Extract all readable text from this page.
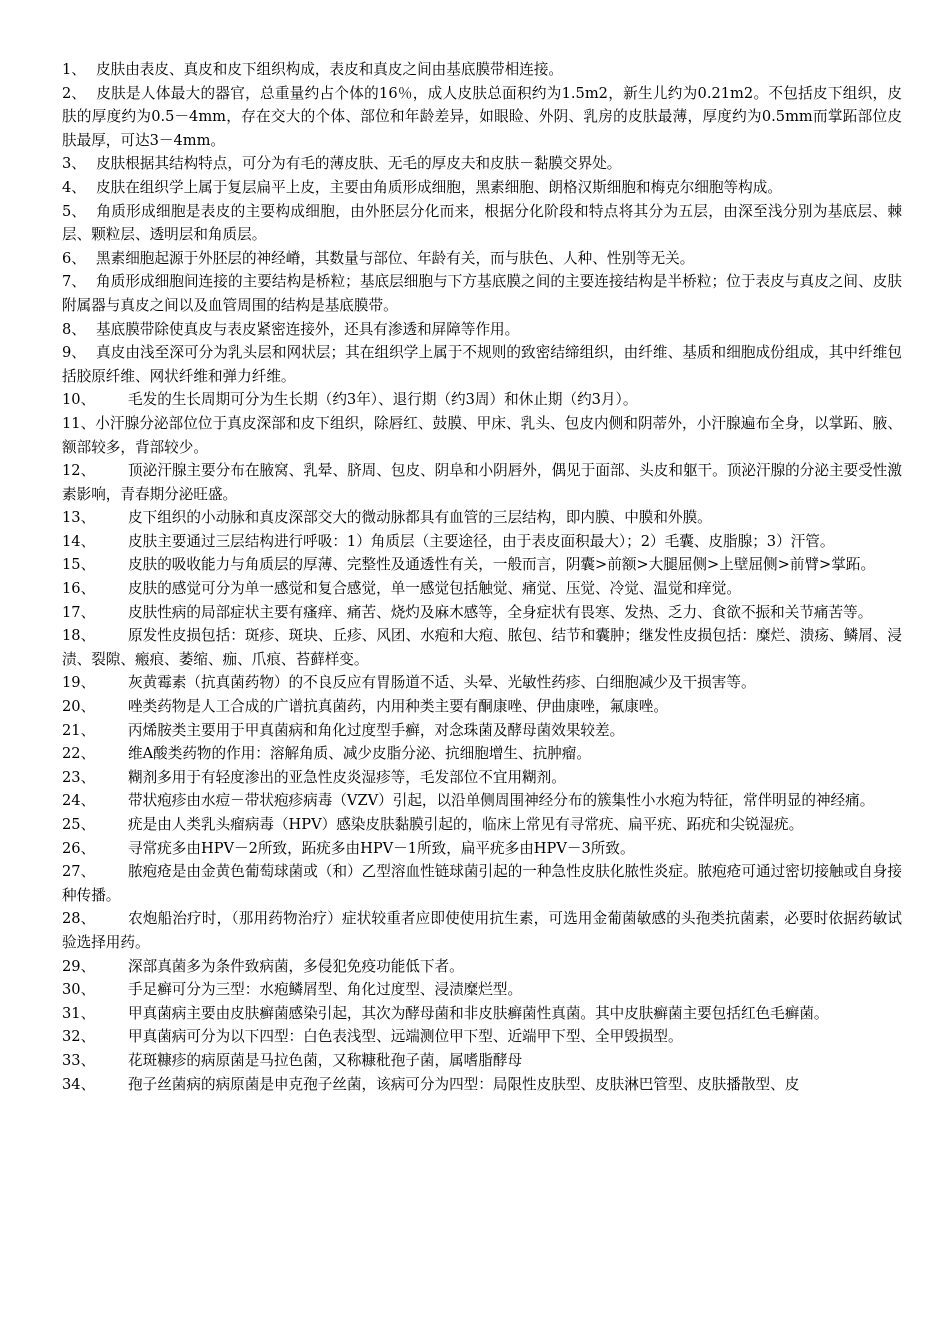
1、 皮肤由表皮、真皮和皮下组织构成，表皮和真皮之间由基底膜带相连接。

2、 皮肤是人体最大的器官，总重量约占个体的16％，成人皮肤总面积约为1.5m2，新生儿约为0.21m2。不包括皮下组织，皮肤的厚度约为0.5－4mm，存在交大的个体、部位和年龄差异，如眼睑、外阴、乳房的皮肤最薄，厚度约为0.5mm而掌跖部位皮肤最厚，可达3－4mm。

3、 皮肤根据其结构特点，可分为有毛的薄皮肤、无毛的厚皮夫和皮肤－黏膜交界处。

4、 皮肤在组织学上属于复层扁平上皮，主要由角质形成细胞，黑素细胞、朗格汉斯细胞和梅克尔细胞等构成。

5、 角质形成细胞是表皮的主要构成细胞，由外胚层分化而来，根据分化阶段和特点将其分为五层，由深至浅分别为基底层、棘层、颗粒层、透明层和角质层。

6、 黑素细胞起源于外胚层的神经嵴，其数量与部位、年龄有关，而与肤色、人种、性别等无关。

7、 角质形成细胞间连接的主要结构是桥粒；基底层细胞与下方基底膜之间的主要连接结构是半桥粒；位于表皮与真皮之间、皮肤附属器与真皮之间以及血管周围的结构是基底膜带。

8、 基底膜带除使真皮与表皮紧密连接外，还具有渗透和屏障等作用。

9、 真皮由浅至深可分为乳头层和网状层；其在组织学上属于不规则的致密结缔组织，由纤维、基质和细胞成份组成，其中纤维包括胶原纤维、网状纤维和弹力纤维。

10、 毛发的生长周期可分为生长期（约3年）、退行期（约3周）和休止期（约3月）。

11、小汗腺分泌部位位于真皮深部和皮下组织，除唇红、鼓膜、甲床、乳头、包皮内侧和阴蒂外，小汗腺遍布全身，以掌跖、腋、额部较多，背部较少。

12、 顶泌汗腺主要分布在腋窝、乳晕、脐周、包皮、阴阜和小阴唇外，偶见于面部、头皮和躯干。顶泌汗腺的分泌主要受性激素影响，青春期分泌旺盛。

13、 皮下组织的小动脉和真皮深部交大的微动脉都具有血管的三层结构，即内膜、中膜和外膜。

14、 皮肤主要通过三层结构进行呼吸：1）角质层（主要途径，由于表皮面积最大）；2）毛囊、皮脂腺；3）汗管。

15、 皮肤的吸收能力与角质层的厚薄、完整性及通透性有关，一般而言，阴囊>前额>大腿屈侧>上壁屈侧>前臂>掌跖。

16、 皮肤的感觉可分为单一感觉和复合感觉，单一感觉包括触觉、痛觉、压觉、冷觉、温觉和痒觉。

17、 皮肤性病的局部症状主要有瘙痒、痛苦、烧灼及麻木感等，全身症状有畏寒、发热、乏力、食欲不振和关节痛苦等。

18、 原发性皮损包括：斑疹、斑块、丘疹、风团、水疱和大疱、脓包、结节和囊肿；继发性皮损包括：糜烂、溃疡、鳞屑、浸渍、裂隙、瘢痕、萎缩、痂、爪痕、苔藓样变。

19、 灰黄霉素（抗真菌药物）的不良反应有胃肠道不适、头晕、光敏性药疹、白细胞减少及干损害等。

20、 唑类药物是人工合成的广谱抗真菌药，内用种类主要有酮康唑、伊曲康唑，氟康唑。

21、 丙烯胺类主要用于甲真菌病和角化过度型手癣，对念珠菌及酵母菌效果较差。

22、 维A酸类药物的作用：溶解角质、减少皮脂分泌、抗细胞增生、抗肿瘤。

23、 糊剂多用于有轻度渗出的亚急性皮炎湿疹等，毛发部位不宜用糊剂。

24、 带状疱疹由水痘－带状疱疹病毒（VZV）引起，以沿单侧周围神经分布的簇集性小水疱为特征，常伴明显的神经痛。

25、 疣是由人类乳头瘤病毒（HPV）感染皮肤黏膜引起的，临床上常见有寻常疣、扁平疣、跖疣和尖锐湿疣。

26、 寻常疣多由HPV－2所致，跖疣多由HPV－1所致，扁平疣多由HPV－3所致。

27、 脓疱疮是由金黄色葡萄球菌或（和）乙型溶血性链球菌引起的一种急性皮肤化脓性炎症。脓疱疮可通过密切接触或自身接种传播。

28、 农炮船治疗时，（那用药物治疗）症状较重者应即使使用抗生素，可选用金葡菌敏感的头孢类抗菌素，必要时依据药敏试验选择用药。

29、 深部真菌多为条件致病菌，多侵犯免疫功能低下者。

30、 手足癣可分为三型：水疱鳞屑型、角化过度型、浸渍糜烂型。

31、 甲真菌病主要由皮肤癣菌感染引起，其次为酵母菌和非皮肤癣菌性真菌。其中皮肤癣菌主要包括红色毛癣菌。

32、 甲真菌病可分为以下四型：白色表浅型、远端测位甲下型、近端甲下型、全甲毁损型。

33、 花斑糠疹的病原菌是马拉色菌，又称糠秕孢子菌，属嗜脂酵母

34、 孢子丝菌病的病原菌是申克孢子丝菌，该病可分为四型：局限性皮肤型、皮肤淋巴管型、皮肤播散型、皮
